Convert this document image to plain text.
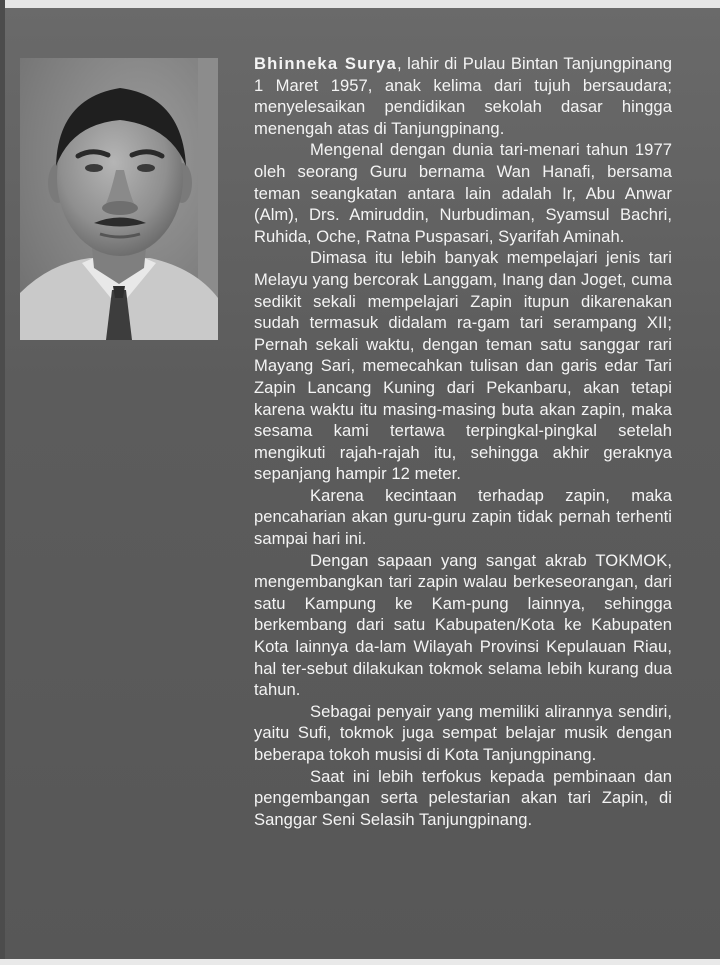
Bhinneka Surya, lahir di Pulau Bintan Tanjungpinang 1 Maret 1957, anak kelima dari tujuh bersaudara; menyelesaikan pendidikan sekolah dasar hingga menengah atas di Tanjungpinang.

Mengenal dengan dunia tari-menari tahun 1977 oleh seorang Guru bernama Wan Hanafi, bersama teman seangkatan antara lain adalah Ir, Abu Anwar (Alm), Drs. Amiruddin, Nurbudiman, Syamsul Bachri, Ruhida, Oche, Ratna Puspasari, Syarifah Aminah.

Dimasa itu lebih banyak mempelajari jenis tari Melayu yang bercorak Langgam, Inang dan Joget, cuma sedikit sekali mempelajari Zapin itupun dikarenakan sudah termasuk didalam ra-gam tari serampang XII; Pernah sekali waktu, dengan teman satu sanggar rari Mayang Sari, memecahkan tulisan dan garis edar Tari Zapin Lancang Kuning dari Pekanbaru, akan tetapi karena waktu itu masing-masing buta akan zapin, maka sesama kami tertawa terpingkal-pingkal setelah mengikuti rajah-rajah itu, sehingga akhir geraknya sepanjang hampir 12 meter.

Karena kecintaan terhadap zapin, maka pencaharian akan guru-guru zapin tidak pernah terhenti sampai hari ini.

Dengan sapaan yang sangat akrab TOKMOK, mengembangkan tari zapin walau berkeseorangan, dari satu Kampung ke Kam-pung lainnya, sehingga berkembang dari satu Kabupaten/Kota ke Kabupaten Kota lainnya da-lam Wilayah Provinsi Kepulauan Riau, hal ter-sebut dilakukan tokmok selama lebih kurang dua tahun.

Sebagai penyair yang memiliki alirannya sendiri, yaitu Sufi, tokmok juga sempat belajar musik dengan beberapa tokoh musisi di Kota Tanjungpinang.

Saat ini lebih terfokus kepada pembinaan dan pengembangan serta pelestarian akan tari Zapin, di Sanggar Seni Selasih Tanjungpinang.
